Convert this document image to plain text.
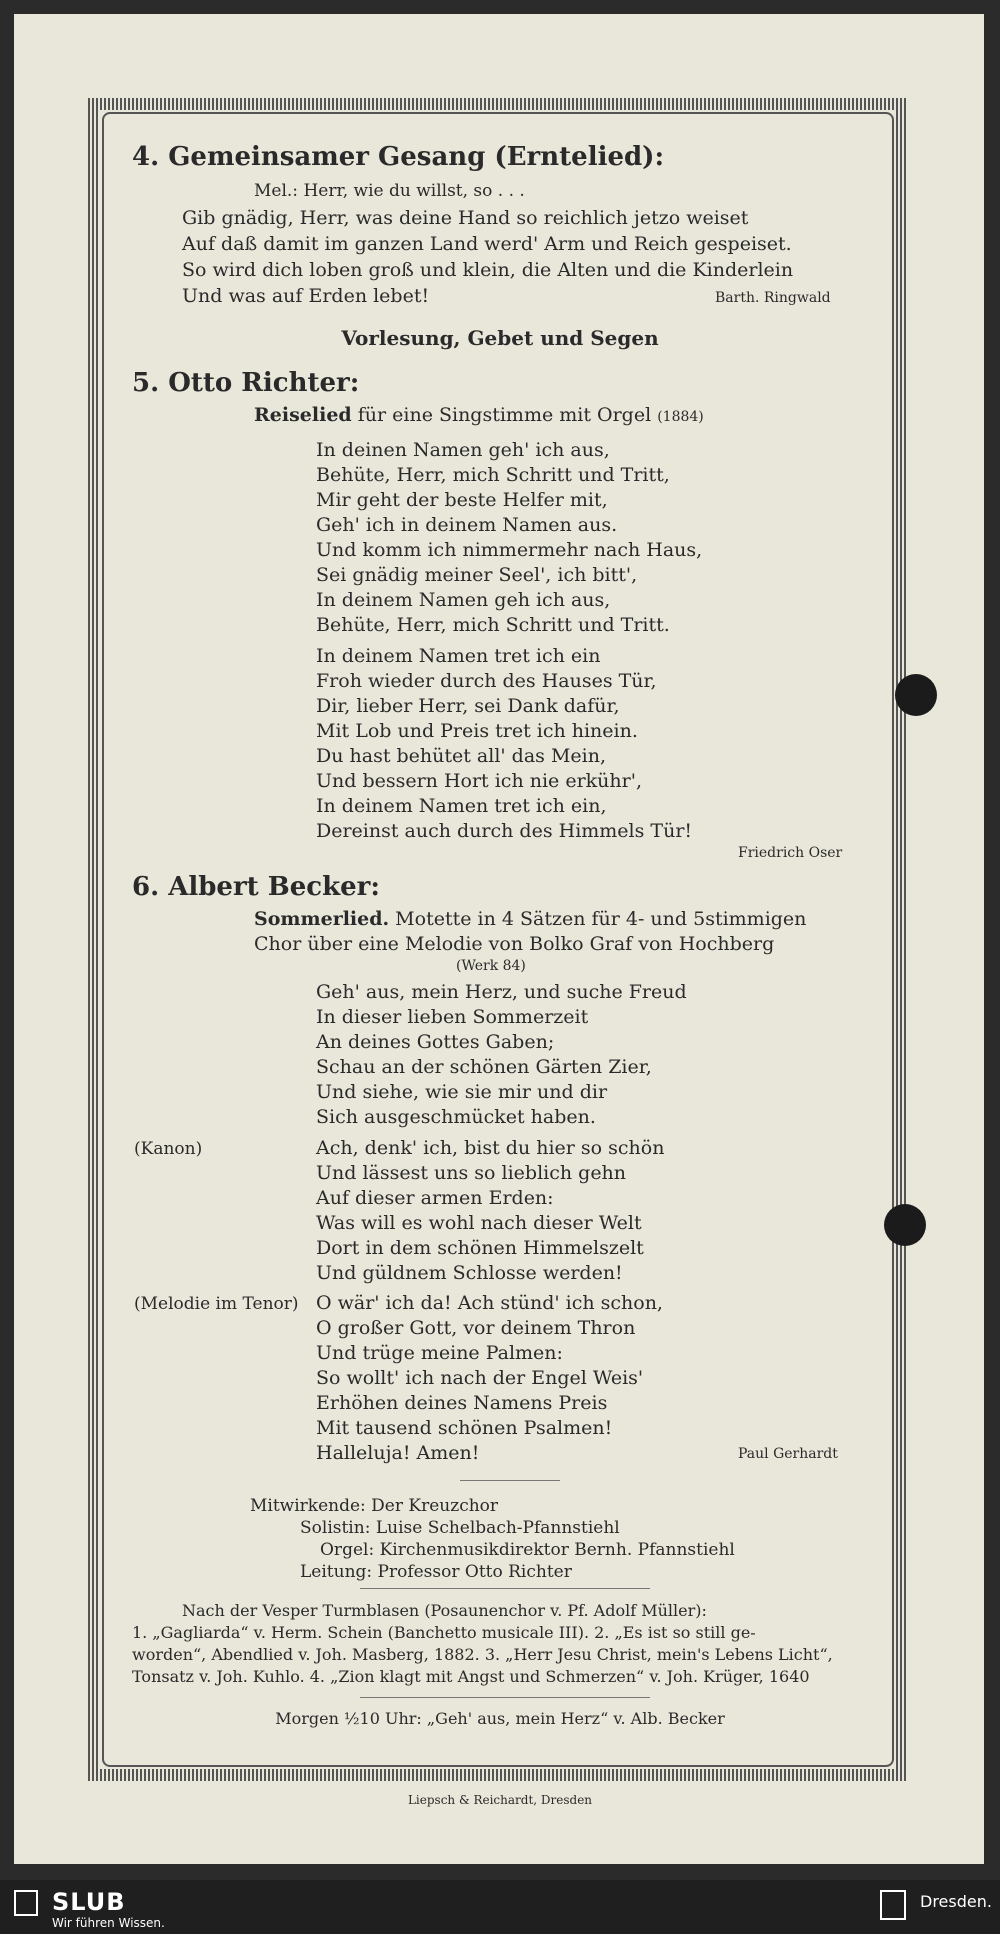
4. Gemeinsamer Gesang (Erntelied):
Mel.: Herr, wie du willst, so . . .
Gib gnädig, Herr, was deine Hand so reichlich jetzo weiset
Auf daß damit im ganzen Land werd' Arm und Reich gespeiset.
So wird dich loben groß und klein, die Alten und die Kinderlein
Und was auf Erden lebet!	Barth. Ringwald
Vorlesung, Gebet und Segen
5. Otto Richter:
Reiselied für eine Singstimme mit Orgel (1884)
In deinen Namen geh' ich aus,
Behüte, Herr, mich Schritt und Tritt,
Mir geht der beste Helfer mit,
Geh' ich in deinem Namen aus.
Und komm ich nimmermehr nach Haus,
Sei gnädig meiner Seel', ich bitt',
In deinem Namen geh ich aus,
Behüte, Herr, mich Schritt und Tritt.
In deinem Namen tret ich ein
Froh wieder durch des Hauses Tür,
Dir, lieber Herr, sei Dank dafür,
Mit Lob und Preis tret ich hinein.
Du hast behütet all' das Mein,
Und bessern Hort ich nie erkühr',
In deinem Namen tret ich ein,
Dereinst auch durch des Himmels Tür!
Friedrich Oser
6. Albert Becker:
Sommerlied. Motette in 4 Sätzen für 4- und 5stimmigen
Chor über eine Melodie von Bolko Graf von Hochberg
(Werk 84)
Geh' aus, mein Herz, und suche Freud
In dieser lieben Sommerzeit
An deines Gottes Gaben;
Schau an der schönen Gärten Zier,
Und siehe, wie sie mir und dir
Sich ausgeschmücket haben.
(Kanon)	Ach, denk' ich, bist du hier so schön
Und lässest uns so lieblich gehn
Auf dieser armen Erden:
Was will es wohl nach dieser Welt
Dort in dem schönen Himmelszelt
Und güldnem Schlosse werden!
(Melodie im Tenor) O wär' ich da! Ach stünd' ich schon,
O großer Gott, vor deinem Thron
Und trüge meine Palmen:
So wollt' ich nach der Engel Weis'
Erhöhen deines Namens Preis
Mit tausend schönen Psalmen!
Halleluja! Amen!	Paul Gerhardt
Mitwirkende: Der Kreuzchor
Solistin: Luise Schelbach-Pfannstiehl
Orgel: Kirchenmusikdirektor Bernh. Pfannstiehl
Leitung: Professor Otto Richter
Nach der Vesper Turmblasen (Posaunenchor v. Pf. Adolf Müller):
1. „Gagliarda“ v. Herm. Schein (Banchetto musicale III). 2. „Es ist so still ge-
worden“, Abendlied v. Joh. Masberg, 1882. 3. „Herr Jesu Christ, mein's Lebens Licht“,
Tonsatz v. Joh. Kuhlo. 4. „Zion klagt mit Angst und Schmerzen“ v. Joh. Krüger, 1640
Morgen ½10 Uhr: „Geh' aus, mein Herz“ v. Alb. Becker
Liepsch & Reichardt, Dresden
SLUB
Wir führen Wissen.
Dresden.
